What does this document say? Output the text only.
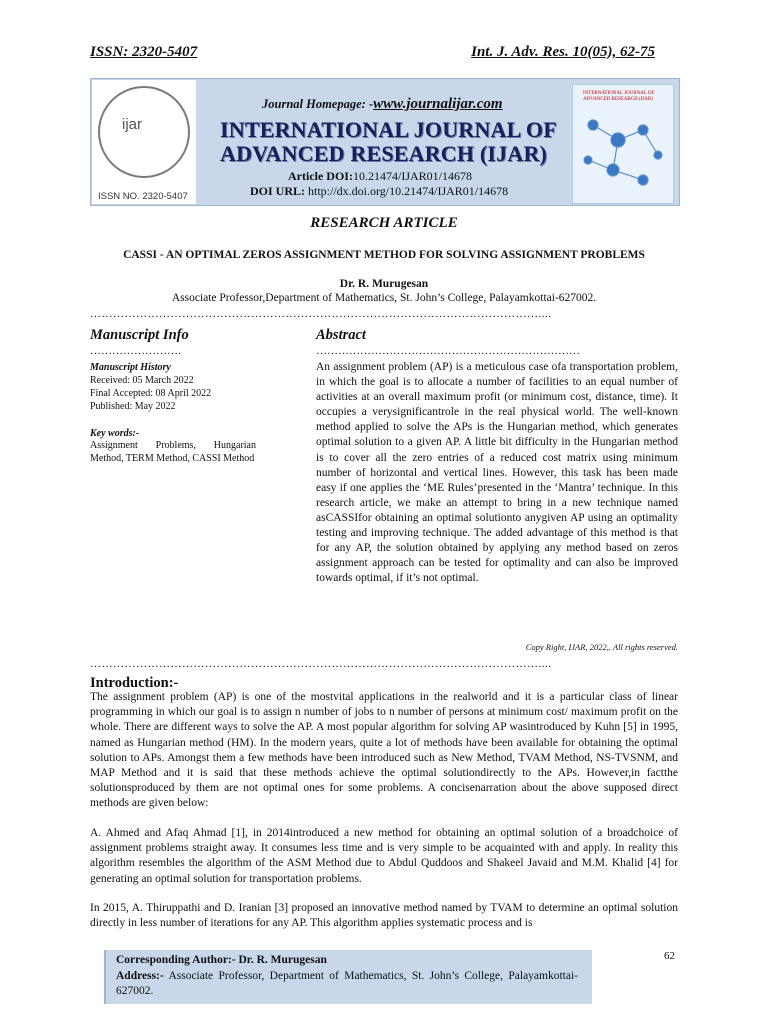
ISSN: 2320-5407	Int. J. Adv. Res. 10(05), 62-75
ijar
ISSN NO. 2320-5407
INTERNATIONAL JOURNAL OF ADVANCED RESEARCH (IJAR)
Journal Homepage: -www.journalijar.com
INTERNATIONAL JOURNAL OF
ADVANCED RESEARCH (IJAR)
Article DOI:10.21474/IJAR01/14678
DOI URL: http://dx.doi.org/10.21474/IJAR01/14678
RESEARCH ARTICLE
CASSI - AN OPTIMAL ZEROS ASSIGNMENT METHOD FOR SOLVING ASSIGNMENT PROBLEMS
Dr. R. Murugesan
Associate Professor,Department of Mathematics, St. John’s College, Palayamkottai-627002.
………………………………………………………………………………………………………....
Manuscript Info	Abstract
…………………….	………………………………………………………………
Manuscript History
Received: 05 March 2022
Final Accepted: 08 April 2022
Published: May 2022
Key words:-
Assignment Problems, Hungarian Method, TERM Method, CASSI Method

An assignment problem (AP) is a meticulous case ofa transportation problem, in which the goal is to allocate a number of facilities to an equal number of activities at an overall maximum profit (or minimum cost, distance, time). It occupies a verysignificantrole in the real physical world. The well-known method applied to solve the APs is the Hungarian method, which generates optimal solution to a given AP. A little bit difficulty in the Hungarian method is to cover all the zero entries of a reduced cost matrix using minimum number of horizontal and vertical lines. However, this task has been made easy if one applies the ‘ME Rules’presented in the ‘Mantra’ technique. In this research article, we make an attempt to bring in a new technique named asCASSIfor obtaining an optimal solutionto anygiven AP using an optimality testing and improving technique. The added advantage of this method is that for any AP, the solution obtained by applying any method based on zeros assignment approach can be tested for optimality and can also be improved towards optimal, if it’s not optimal.

Copy Right, IJAR, 2022,. All rights reserved.
………………………………………………………………………………………………………....
Introduction:-

The assignment problem (AP) is one of the mostvital applications in the realworld and it is a particular class of linear programming in which our goal is to assign n number of jobs to n number of persons at minimum cost/ maximum profit on the whole. There are different ways to solve the AP. A most popular algorithm for solving AP wasintroduced by Kuhn [5] in 1995, named as Hungarian method (HM). In the modern years, quite a lot of methods have been available for obtaining the optimal solution to APs. Amongst them a few methods have been introduced such as New Method, TVAM Method, NS-TVSNM, and MAP Method and it is said that these methods achieve the optimal solutiondirectly to the APs. However,in factthe solutionsproduced by them are not optimal ones for some problems. A concisenarration about the above supposed direct methods are given below:

A. Ahmed and Afaq Ahmad [1], in 2014introduced a new method for obtaining an optimal solution of a broadchoice of assignment problems straight away. It consumes less time and is very simple to be acquainted with and apply. In reality this algorithm resembles the algorithm of the ASM Method due to Abdul Quddoos and Shakeel Javaid and M.M. Khalid [4] for generating an optimal solution for transportation problems.

In 2015, A. Thiruppathi and D. Iranian [3] proposed an innovative method named by TVAM to determine an optimal solution directly in less number of iterations for any AP. This algorithm applies systematic process and is

Corresponding Author:- Dr. R. Murugesan

Address:- Associate Professor, Department of Mathematics, St. John’s College, Palayamkottai-627002.

62
